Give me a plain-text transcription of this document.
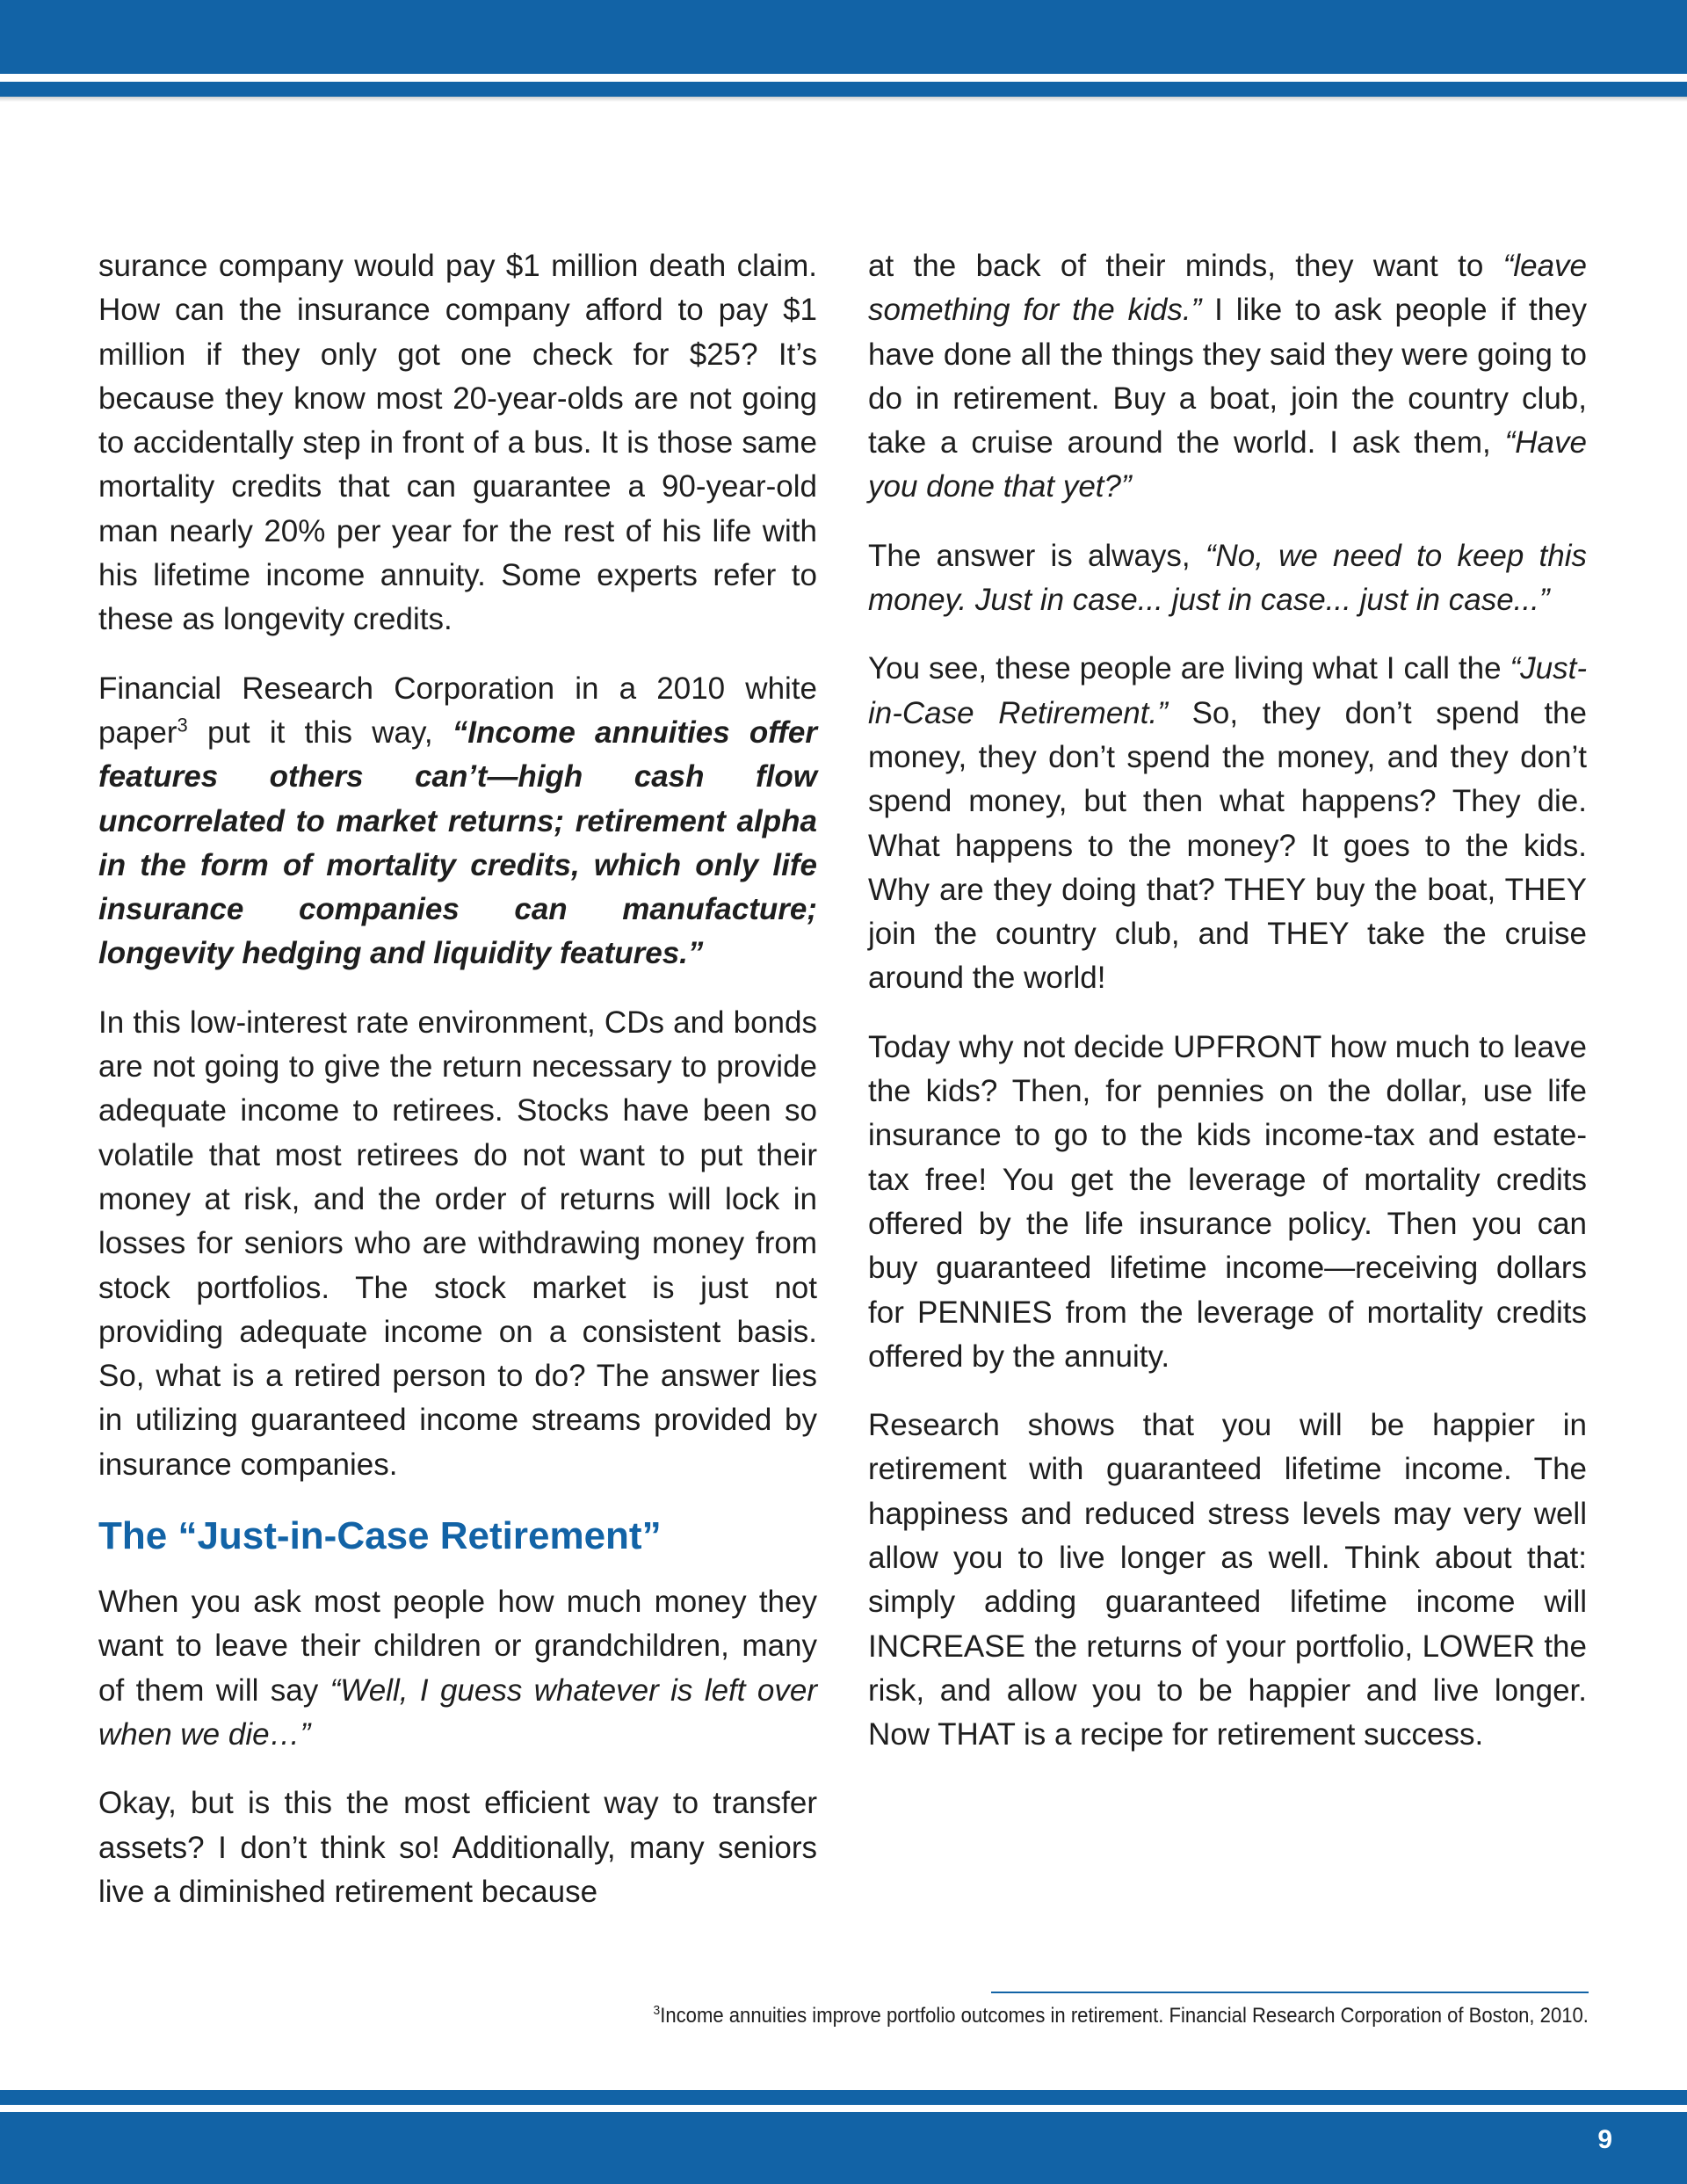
surance company would pay $1 million death claim. How can the insurance company afford to pay $1 million if they only got one check for $25? It’s because they know most 20-year-olds are not going to accidentally step in front of a bus. It is those same mortality credits that can guarantee a 90-year-old man nearly 20% per year for the rest of his life with his lifetime income annuity. Some experts refer to these as longevity credits.

Financial Research Corporation in a 2010 white paper$^3$ put it this way, “Income annuities offer features others can’t—high cash flow uncorrelated to market returns; retirement alpha in the form of mortality credits, which only life insurance companies can manufacture; longevity hedging and liquidity features.”

In this low-interest rate environment, CDs and bonds are not going to give the return necessary to provide adequate income to retirees. Stocks have been so volatile that most retirees do not want to put their money at risk, and the order of returns will lock in losses for seniors who are withdrawing money from stock portfolios. The stock market is just not providing adequate income on a consistent basis. So, what is a retired person to do? The answer lies in utilizing guaranteed income streams provided by insurance companies.

The “Just-in-Case Retirement”

When you ask most people how much money they want to leave their children or grandchildren, many of them will say “Well, I guess whatever is left over when we die…”

Okay, but is this the most efficient way to transfer assets? I don’t think so! Additionally, many seniors live a diminished retirement because

at the back of their minds, they want to “leave something for the kids.” I like to ask people if they have done all the things they said they were going to do in retirement. Buy a boat, join the country club, take a cruise around the world. I ask them, “Have you done that yet?”

The answer is always, “No, we need to keep this money. Just in case... just in case... just in case...”

You see, these people are living what I call the “Just-in-Case Retirement.” So, they don’t spend the money, they don’t spend the money, and they don’t spend money, but then what happens? They die. What happens to the money? It goes to the kids. Why are they doing that? THEY buy the boat, THEY join the country club, and THEY take the cruise around the world!

Today why not decide UPFRONT how much to leave the kids? Then, for pennies on the dollar, use life insurance to go to the kids income-tax and estate-tax free! You get the leverage of mortality credits offered by the life insurance policy. Then you can buy guaranteed lifetime income—receiving dollars for PENNIES from the leverage of mortality credits offered by the annuity.

Research shows that you will be happier in retirement with guaranteed lifetime income. The happiness and reduced stress levels may very well allow you to live longer as well. Think about that: simply adding guaranteed lifetime income will INCREASE the returns of your portfolio, LOWER the risk, and allow you to be happier and live longer. Now THAT is a recipe for retirement success.

$^3$Income annuities improve portfolio outcomes in retirement. Financial Research Corporation of Boston, 2010.
9
